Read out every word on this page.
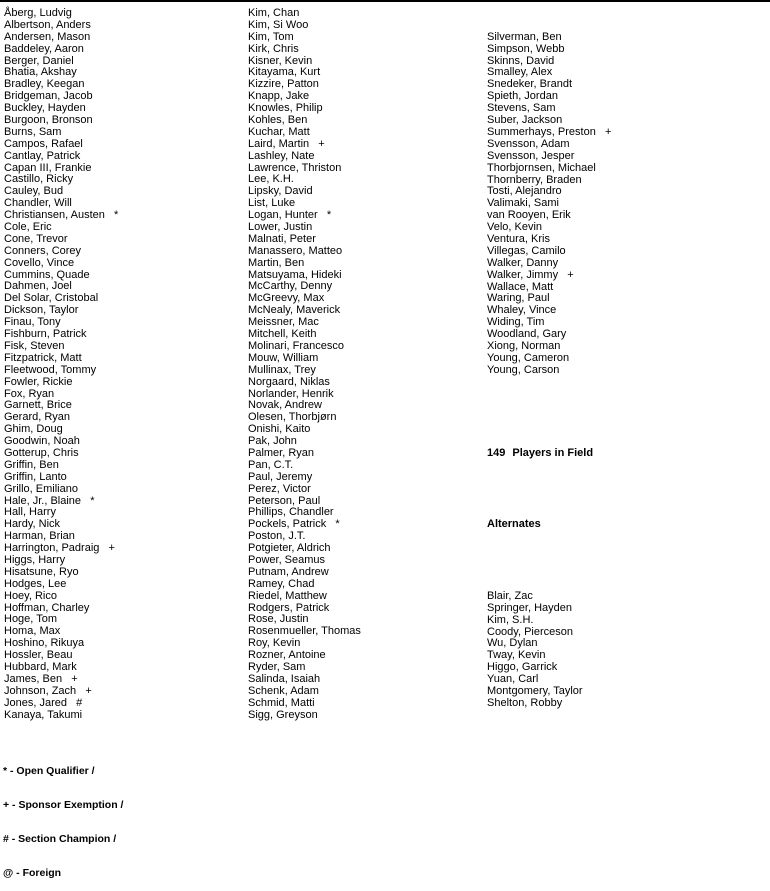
Åberg, Ludvig
Albertson, Anders
Andersen, Mason
Baddeley, Aaron
Berger, Daniel
Bhatia, Akshay
Bradley, Keegan
Bridgeman, Jacob
Buckley, Hayden
Burgoon, Bronson
Burns, Sam
Campos, Rafael
Cantlay, Patrick
Capan III, Frankie
Castillo, Ricky
Cauley, Bud
Chandler, Will
Christiansen, Austen   *
Cole, Eric
Cone, Trevor
Conners, Corey
Covello, Vince
Cummins, Quade
Dahmen, Joel
Del Solar, Cristobal
Dickson, Taylor
Finau, Tony
Fishburn, Patrick
Fisk, Steven
Fitzpatrick, Matt
Fleetwood, Tommy
Fowler, Rickie
Fox, Ryan
Garnett, Brice
Gerard, Ryan
Ghim, Doug
Goodwin, Noah
Gotterup, Chris
Griffin, Ben
Griffin, Lanto
Grillo, Emiliano
Hale, Jr., Blaine   *
Hall, Harry
Hardy, Nick
Harman, Brian
Harrington, Padraig   +
Higgs, Harry
Hisatsune, Ryo
Hodges, Lee
Hoey, Rico
Hoffman, Charley
Hoge, Tom
Homa, Max
Hoshino, Rikuya
Hossler, Beau
Hubbard, Mark
James, Ben   +
Johnson, Zach   +
Jones, Jared   #
Kanaya, Takumi
Kim, Chan
Kim, Si Woo
Kim, Tom
Kirk, Chris
Kisner, Kevin
Kitayama, Kurt
Kizzire, Patton
Knapp, Jake
Knowles, Philip
Kohles, Ben
Kuchar, Matt
Laird, Martin   +
Lashley, Nate
Lawrence, Thriston
Lee, K.H.
Lipsky, David
List, Luke
Logan, Hunter   *
Lower, Justin
Malnati, Peter
Manassero, Matteo
Martin, Ben
Matsuyama, Hideki
McCarthy, Denny
McGreevy, Max
McNealy, Maverick
Meissner, Mac
Mitchell, Keith
Molinari, Francesco
Mouw, William
Mullinax, Trey
Norgaard, Niklas
Norlander, Henrik
Novak, Andrew
Olesen, Thorbjørn
Onishi, Kaito
Pak, John
Palmer, Ryan
Pan, C.T.
Paul, Jeremy
Perez, Victor
Peterson, Paul
Phillips, Chandler
Pockels, Patrick   *
Poston, J.T.
Potgieter, Aldrich
Power, Seamus
Putnam, Andrew
Ramey, Chad
Riedel, Matthew
Rodgers, Patrick
Rose, Justin
Rosenmueller, Thomas
Roy, Kevin
Rozner, Antoine
Ryder, Sam
Salinda, Isaiah
Schenk, Adam
Schmid, Matti
Sigg, Greyson

Silverman, Ben
Simpson, Webb
Skinns, David
Smalley, Alex
Snedeker, Brandt
Spieth, Jordan
Stevens, Sam
Suber, Jackson
Summerhays, Preston   +
Svensson, Adam
Svensson, Jesper
Thorbjornsen, Michael
Thornberry, Braden
Tosti, Alejandro
Valimaki, Sami
van Rooyen, Erik
Velo, Kevin
Ventura, Kris
Villegas, Camilo
Walker, Danny
Walker, Jimmy   +
Wallace, Matt
Waring, Paul
Whaley, Vince
Widing, Tim
Woodland, Gary
Xiong, Norman
Young, Cameron
Young, Carson

149 Players in Field

Alternates

Blair, Zac
Springer, Hayden
Kim, S.H.
Coody, Pierceson
Wu, Dylan
Tway, Kevin
Higgo, Garrick
Yuan, Carl
Montgomery, Taylor
Shelton, Robby

* - Open Qualifier /

+ - Sponsor Exemption /

# - Section Champion /

@ - Foreign
